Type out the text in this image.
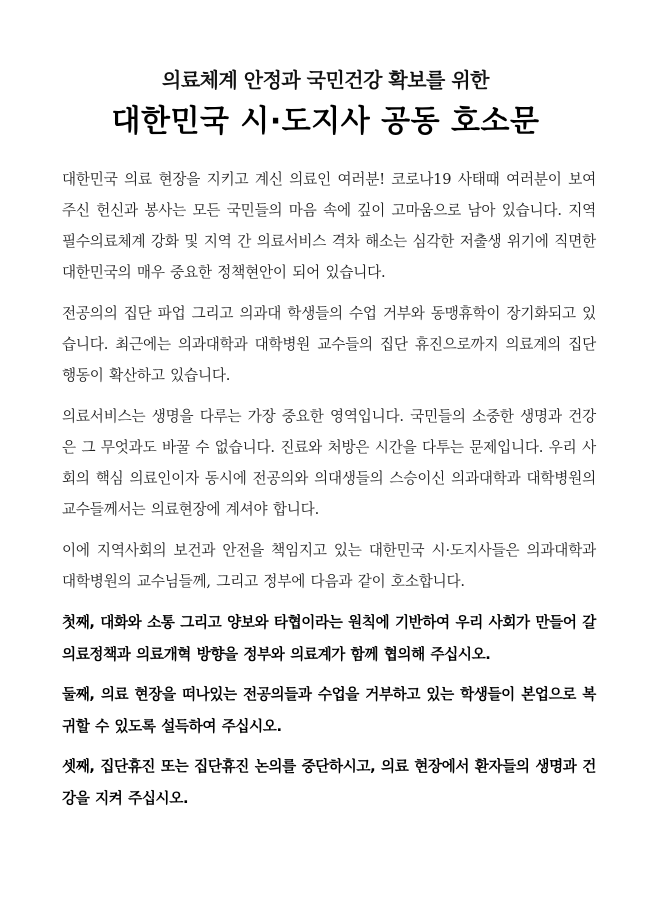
의료체계 안정과 국민건강 확보를 위한
대한민국 시·도지사 공동 호소문

대한민국 의료 현장을 지키고 계신 의료인 여러분! 코로나19 사태때 여러분이 보여주신 헌신과 봉사는 모든 국민들의 마음 속에 깊이 고마움으로 남아 있습니다. 지역 필수의료체계 강화 및 지역 간 의료서비스 격차 해소는 심각한 저출생 위기에 직면한 대한민국의 매우 중요한 정책현안이 되어 있습니다.

전공의의 집단 파업 그리고 의과대 학생들의 수업 거부와 동맹휴학이 장기화되고 있습니다. 최근에는 의과대학과 대학병원 교수들의 집단 휴진으로까지 의료계의 집단행동이 확산하고 있습니다.

의료서비스는 생명을 다루는 가장 중요한 영역입니다. 국민들의 소중한 생명과 건강은 그 무엇과도 바꿀 수 없습니다. 진료와 처방은 시간을 다투는 문제입니다. 우리 사회의 핵심 의료인이자 동시에 전공의와 의대생들의 스승이신 의과대학과 대학병원의 교수들께서는 의료현장에 계셔야 합니다.

이에 지역사회의 보건과 안전을 책임지고 있는 대한민국 시·도지사들은 의과대학과 대학병원의 교수님들께, 그리고 정부에 다음과 같이 호소합니다.

첫째, 대화와 소통 그리고 양보와 타협이라는 원칙에 기반하여 우리 사회가 만들어 갈 의료정책과 의료개혁 방향을 정부와 의료계가 함께 협의해 주십시오.

둘째, 의료 현장을 떠나있는 전공의들과 수업을 거부하고 있는 학생들이 본업으로 복귀할 수 있도록 설득하여 주십시오.

셋째, 집단휴진 또는 집단휴진 논의를 중단하시고, 의료 현장에서 환자들의 생명과 건강을 지켜 주십시오.
